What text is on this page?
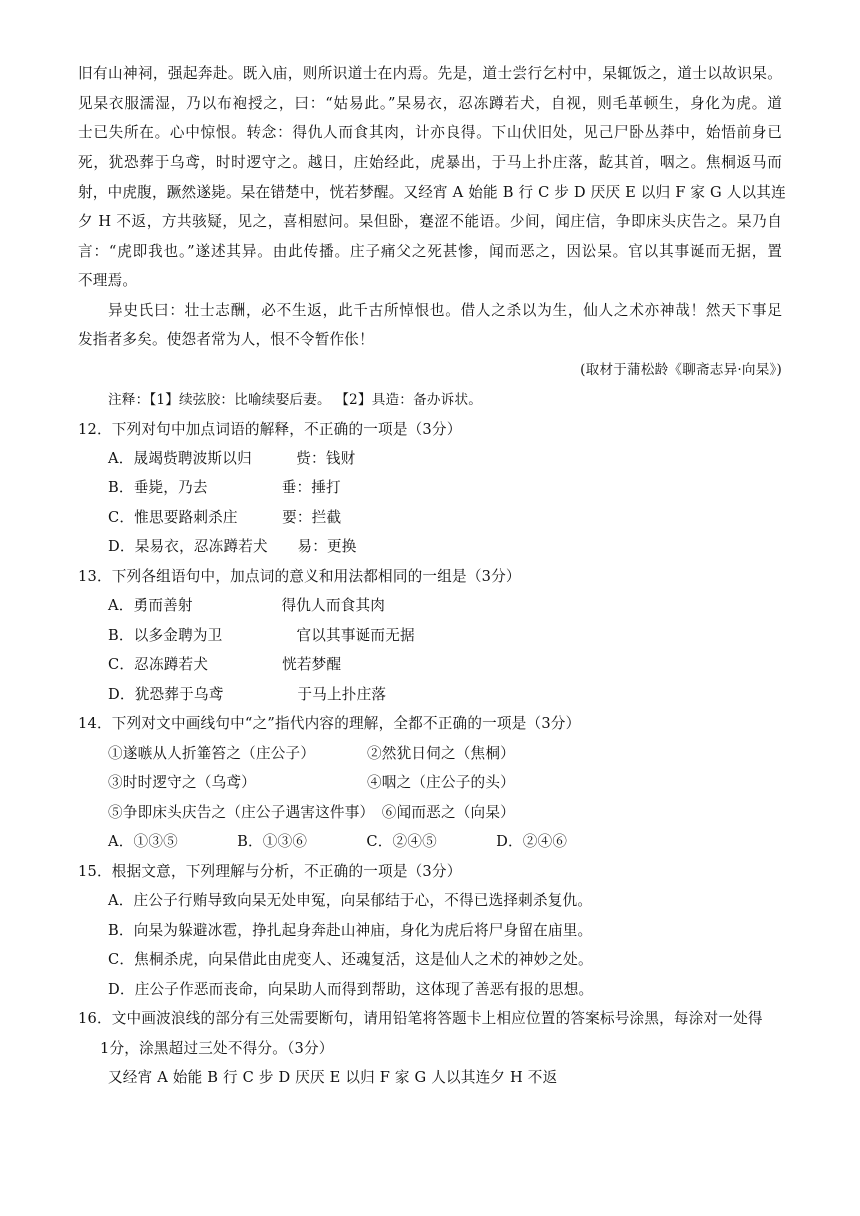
旧有山神祠，强起奔赴。既入庙，则所识道士在内焉。先是，道士尝行乞村中，杲辄饭之，道士以故识杲。
见杲衣服濡湿，乃以布袍授之，曰：“姑易此。”杲易衣，忍冻蹲若犬，自视，则毛革顿生，身化为虎。道
士已失所在。心中惊恨。转念：得仇人而食其肉，计亦良得。下山伏旧处，见己尸卧丛莽中，始悟前身已
死，犹恐葬于乌鸢，时时逻守之。越日，庄始经此，虎暴出，于马上扑庄落，龁其首，咽之。焦桐返马而
射，中虎腹，蹶然遂毙。杲在错楚中，恍若梦醒。又经宵 A 始能 B 行 C 步 D 厌厌 E 以归 F 家 G 人以其连
夕 H 不返，方共骇疑，见之，喜相慰问。杲但卧，蹇涩不能语。少间，闻庄信，争即床头庆告之。杲乃自
言：“虎即我也。”遂述其异。由此传播。庄子痛父之死甚惨，闻而恶之，因讼杲。官以其事诞而无据，置
不理焉。
异史氏曰：壮士志酬，必不生返，此千古所悼恨也。借人之杀以为生，仙人之术亦神哉！然天下事足
发指者多矣。使怨者常为人，恨不令暂作伥！
(取材于蒲松龄《聊斋志异·向杲》)
注释：【1】续弦胶：比喻续娶后妻。 【2】具造：备办诉状。
12．下列对句中加点词语的解释，不正确的一项是（3分）
A．晟竭赀聘波斯以归　　　赀：钱财
B．垂毙，乃去　　　　　垂：捶打
C．惟思要路刺杀庄　　　要：拦截
D．杲易衣，忍冻蹲若犬　　易：更换
13．下列各组语句中，加点词的意义和用法都相同的一组是（3分）
A．勇而善射　　　　　　得仇人而食其肉
B．以多金聘为卫　　　　　官以其事诞而无据
C．忍冻蹲若犬　　　　　恍若梦醒
D．犹恐葬于乌鸢　　　　　于马上扑庄落
14．下列对文中画线句中“之”指代内容的理解，全都不正确的一项是（3分）
①遂嗾从人折箠笞之（庄公子）　　　　②然犹日伺之（焦桐）
③时时逻守之（乌鸢）　　　　　　　　④咽之（庄公子的头）
⑤争即床头庆告之（庄公子遇害这件事）　⑥闻而恶之（向杲）
A．①③⑤　　　　B．①③⑥　　　　C．②④⑤　　　　D．②④⑥
15．根据文意，下列理解与分析，不正确的一项是（3分）
A．庄公子行贿导致向杲无处申冤，向杲郁结于心，不得已选择刺杀复仇。
B．向杲为躲避冰雹，挣扎起身奔赴山神庙，身化为虎后将尸身留在庙里。
C．焦桐杀虎，向杲借此由虎变人、还魂复活，这是仙人之术的神妙之处。
D．庄公子作恶而丧命，向杲助人而得到帮助，这体现了善恶有报的思想。
16．文中画波浪线的部分有三处需要断句，请用铅笔将答题卡上相应位置的答案标号涂黑，每涂对一处得
1分，涂黑超过三处不得分。（3分）
又经宵 A 始能 B 行 C 步 D 厌厌 E 以归 F 家 G 人以其连夕 H 不返
